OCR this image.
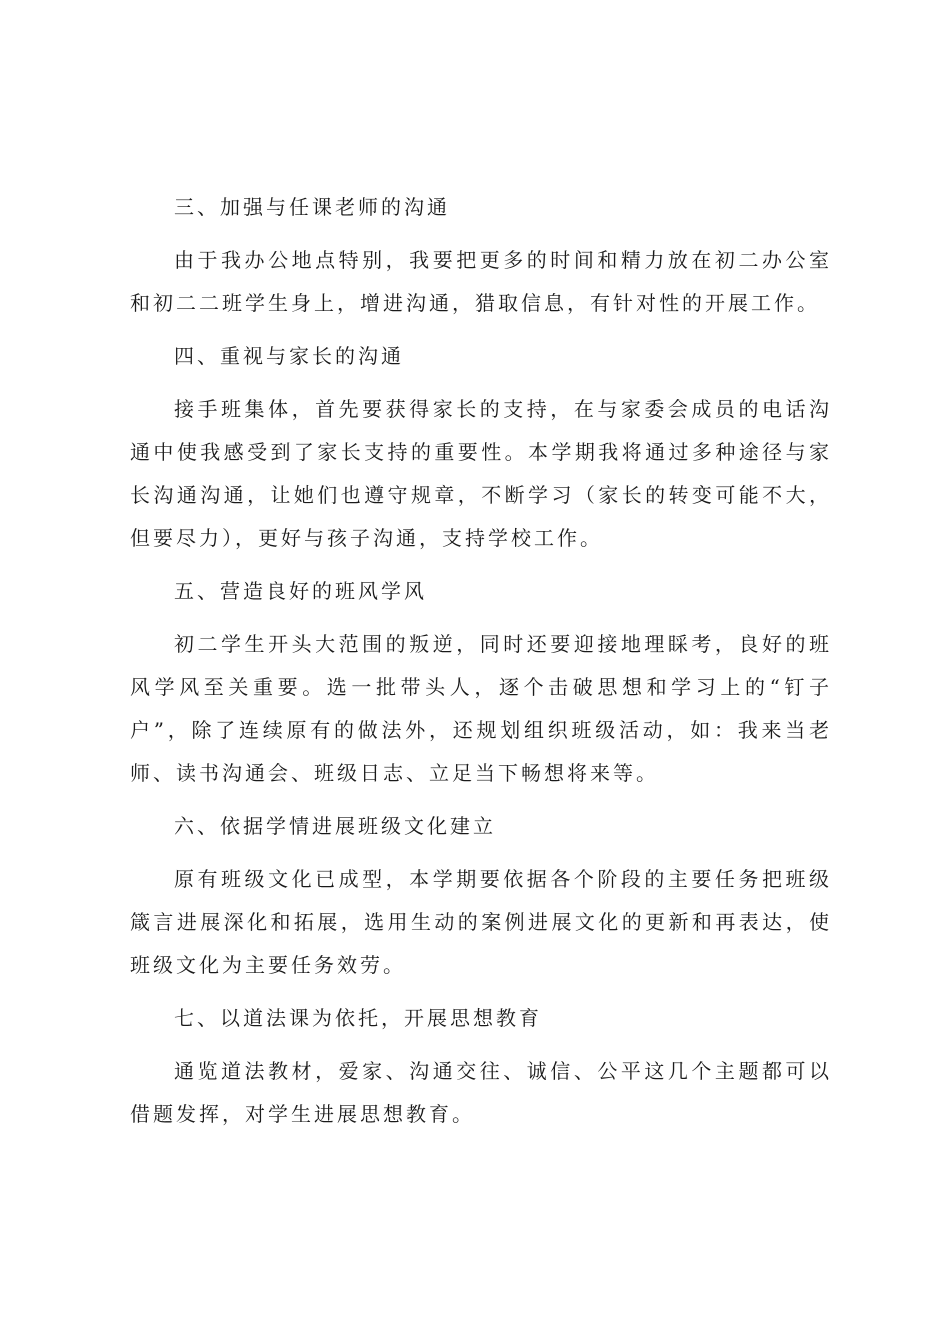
三、加强与任课老师的沟通

由于我办公地点特别，我要把更多的时间和精力放在初二办公室和初二二班学生身上，增进沟通，猎取信息，有针对性的开展工作。

四、重视与家长的沟通

接手班集体，首先要获得家长的支持，在与家委会成员的电话沟通中使我感受到了家长支持的重要性。本学期我将通过多种途径与家长沟通沟通，让她们也遵守规章，不断学习（家长的转变可能不大，但要尽力），更好与孩子沟通，支持学校工作。

五、营造良好的班风学风

初二学生开头大范围的叛逆，同时还要迎接地理睬考，良好的班风学风至关重要。选一批带头人，逐个击破思想和学习上的“钉子户”，除了连续原有的做法外，还规划组织班级活动，如：我来当老师、读书沟通会、班级日志、立足当下畅想将来等。

六、依据学情进展班级文化建立

原有班级文化已成型，本学期要依据各个阶段的主要任务把班级箴言进展深化和拓展，选用生动的案例进展文化的更新和再表达，使班级文化为主要任务效劳。

七、以道法课为依托，开展思想教育

通览道法教材，爱家、沟通交往、诚信、公平这几个主题都可以借题发挥，对学生进展思想教育。
